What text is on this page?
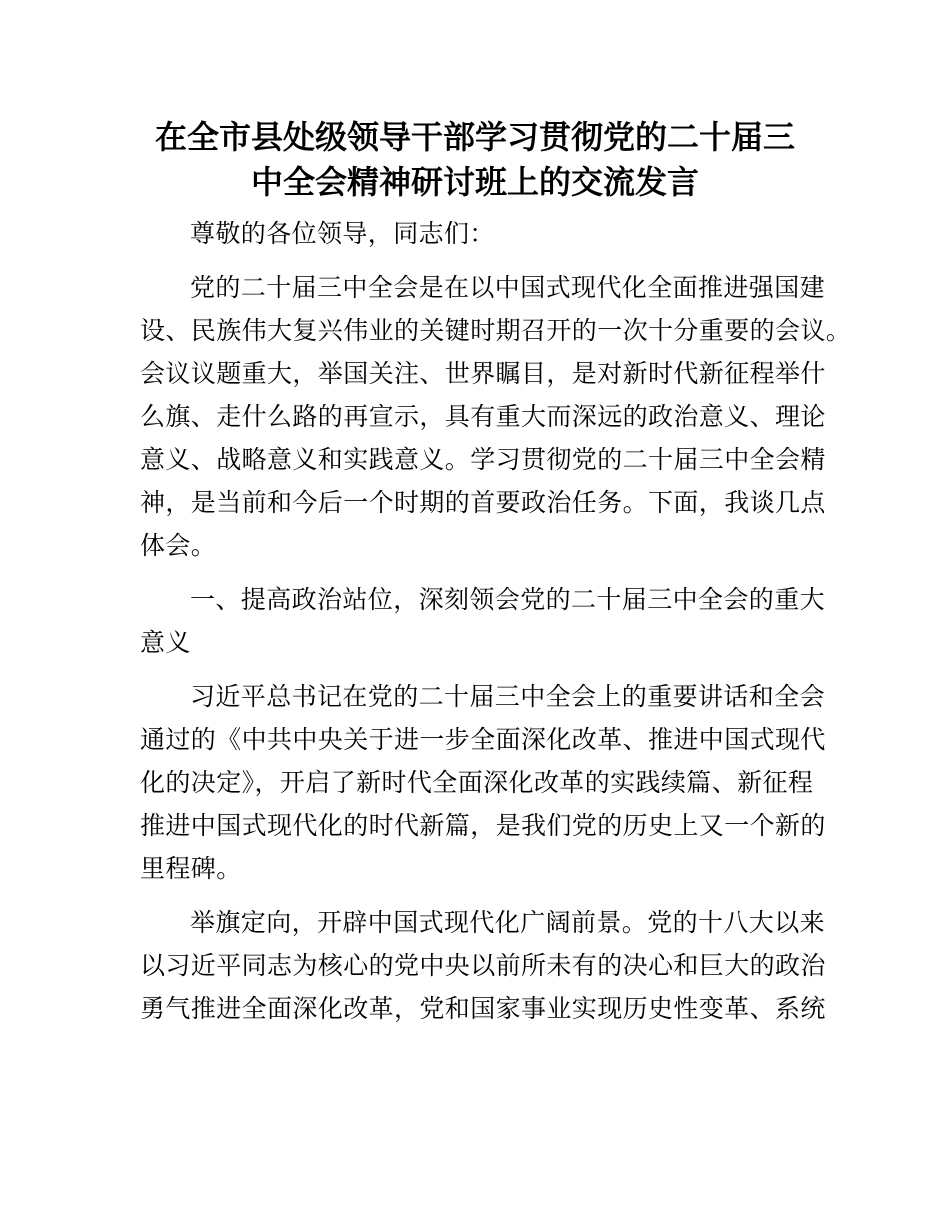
在全市县处级领导干部学习贯彻党的二十届三
中全会精神研讨班上的交流发言
尊敬的各位领导，同志们：
党的二十届三中全会是在以中国式现代化全面推进强国建
设、民族伟大复兴伟业的关键时期召开的一次十分重要的会议。
会议议题重大，举国关注、世界瞩目，是对新时代新征程举什
么旗、走什么路的再宣示，具有重大而深远的政治意义、理论
意义、战略意义和实践意义。学习贯彻党的二十届三中全会精
神，是当前和今后一个时期的首要政治任务。下面，我谈几点
体会。
一、提高政治站位，深刻领会党的二十届三中全会的重大
意义
习近平总书记在党的二十届三中全会上的重要讲话和全会
通过的《中共中央关于进一步全面深化改革、推进中国式现代
化的决定》，开启了新时代全面深化改革的实践续篇、新征程
推进中国式现代化的时代新篇，是我们党的历史上又一个新的
里程碑。
举旗定向，开辟中国式现代化广阔前景。党的十八大以来
以习近平同志为核心的党中央以前所未有的决心和巨大的政治
勇气推进全面深化改革，党和国家事业实现历史性变革、系统
